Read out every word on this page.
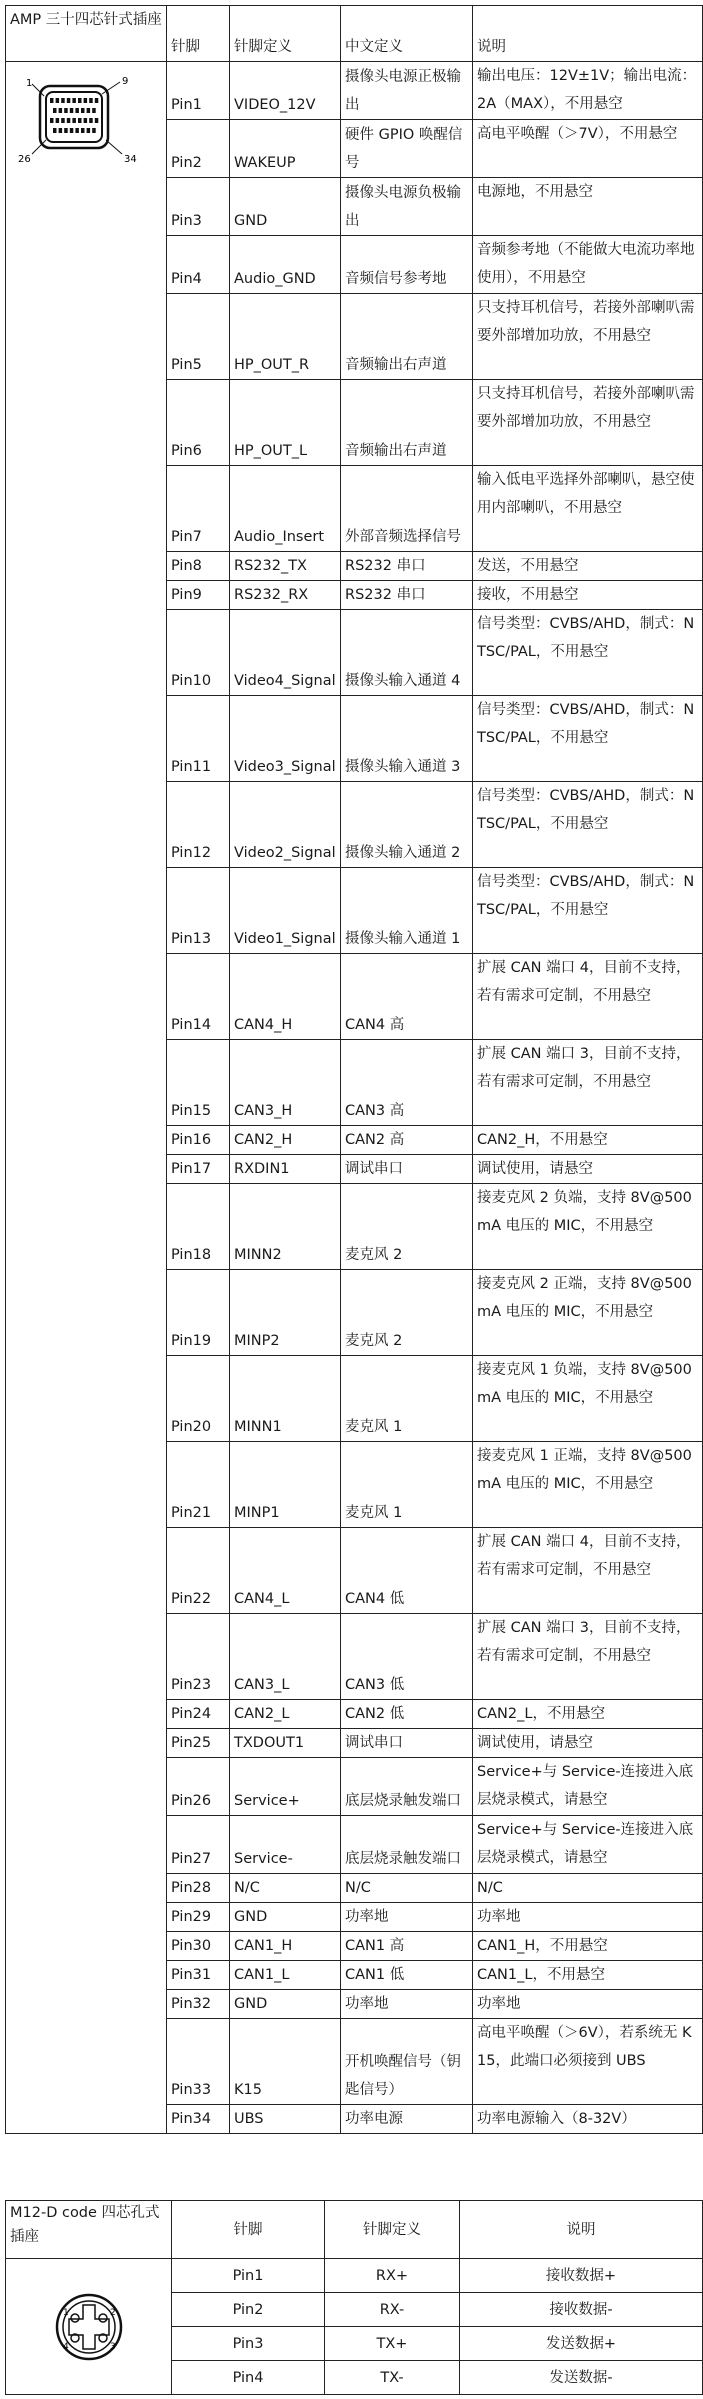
​
AMP 三十四芯针式插座	针脚	针脚定义	中文定义	说明

1 9
26 34	Pin1	VIDEO_12V	摄像头电源正极输出	输出电压：12V±1V；输出电流：2A（MAX），不用悬空
	Pin2	WAKEUP	硬件 GPIO 唤醒信号	高电平唤醒（＞7V），不用悬空
	Pin3	GND	摄像头电源负极输出	电源地，不用悬空
	Pin4	Audio_GND	音频信号参考地	音频参考地（不能做大电流功率地使用），不用悬空
	Pin5	HP_OUT_R	音频输出右声道	只支持耳机信号，若接外部喇叭需要外部增加功放，不用悬空
	Pin6	HP_OUT_L	音频输出右声道	只支持耳机信号，若接外部喇叭需要外部增加功放，不用悬空
	Pin7	Audio_Insert	外部音频选择信号	输入低电平选择外部喇叭，悬空使用内部喇叭，不用悬空
	Pin8	RS232_TX	RS232 串口	发送，不用悬空
	Pin9	RS232_RX	RS232 串口	接收，不用悬空
	Pin10	Video4_Signal	摄像头输入通道 4	信号类型：CVBS/AHD，制式：NTSC/PAL，不用悬空
	Pin11	Video3_Signal	摄像头输入通道 3	信号类型：CVBS/AHD，制式：NTSC/PAL，不用悬空
	Pin12	Video2_Signal	摄像头输入通道 2	信号类型：CVBS/AHD，制式：NTSC/PAL，不用悬空
	Pin13	Video1_Signal	摄像头输入通道 1	信号类型：CVBS/AHD，制式：NTSC/PAL，不用悬空
	Pin14	CAN4_H	CAN4 高	扩展 CAN 端口 4，目前不支持，若有需求可定制，不用悬空
	Pin15	CAN3_H	CAN3 高	扩展 CAN 端口 3，目前不支持，若有需求可定制，不用悬空
	Pin16	CAN2_H	CAN2 高	CAN2_H，不用悬空
	Pin17	RXDIN1	调试串口	调试使用，请悬空
	Pin18	MINN2	麦克风 2	接麦克风 2 负端，支持 8V@500mA 电压的 MIC，不用悬空
	Pin19	MINP2	麦克风 2	接麦克风 2 正端，支持 8V@500mA 电压的 MIC，不用悬空
	Pin20	MINN1	麦克风 1	接麦克风 1 负端，支持 8V@500mA 电压的 MIC，不用悬空
	Pin21	MINP1	麦克风 1	接麦克风 1 正端，支持 8V@500mA 电压的 MIC，不用悬空
	Pin22	CAN4_L	CAN4 低	扩展 CAN 端口 4，目前不支持，若有需求可定制，不用悬空
	Pin23	CAN3_L	CAN3 低	扩展 CAN 端口 3，目前不支持，若有需求可定制，不用悬空
	Pin24	CAN2_L	CAN2 低	CAN2_L，不用悬空
	Pin25	TXDOUT1	调试串口	调试使用，请悬空
	Pin26	Service+	底层烧录触发端口	Service+与 Service-连接进入底层烧录模式，请悬空
	Pin27	Service-	底层烧录触发端口	Service+与 Service-连接进入底层烧录模式，请悬空
	Pin28	N/C	N/C	N/C
	Pin29	GND	功率地	功率地
	Pin30	CAN1_H	CAN1 高	CAN1_H，不用悬空
	Pin31	CAN1_L	CAN1 低	CAN1_L，不用悬空
	Pin32	GND	功率地	功率地
	Pin33	K15	开机唤醒信号（钥匙信号）	高电平唤醒（＞6V），若系统无 K15，此端口必须接到 UBS
	Pin34	UBS	功率电源	功率电源输入（8-32V）
M12-D code 四芯孔式插座	针脚	针脚定义	说明

1 2
4 3	Pin1	RX+	接收数据+
	Pin2	RX-	接收数据-
	Pin3	TX+	发送数据+
	Pin4	TX-	发送数据-
